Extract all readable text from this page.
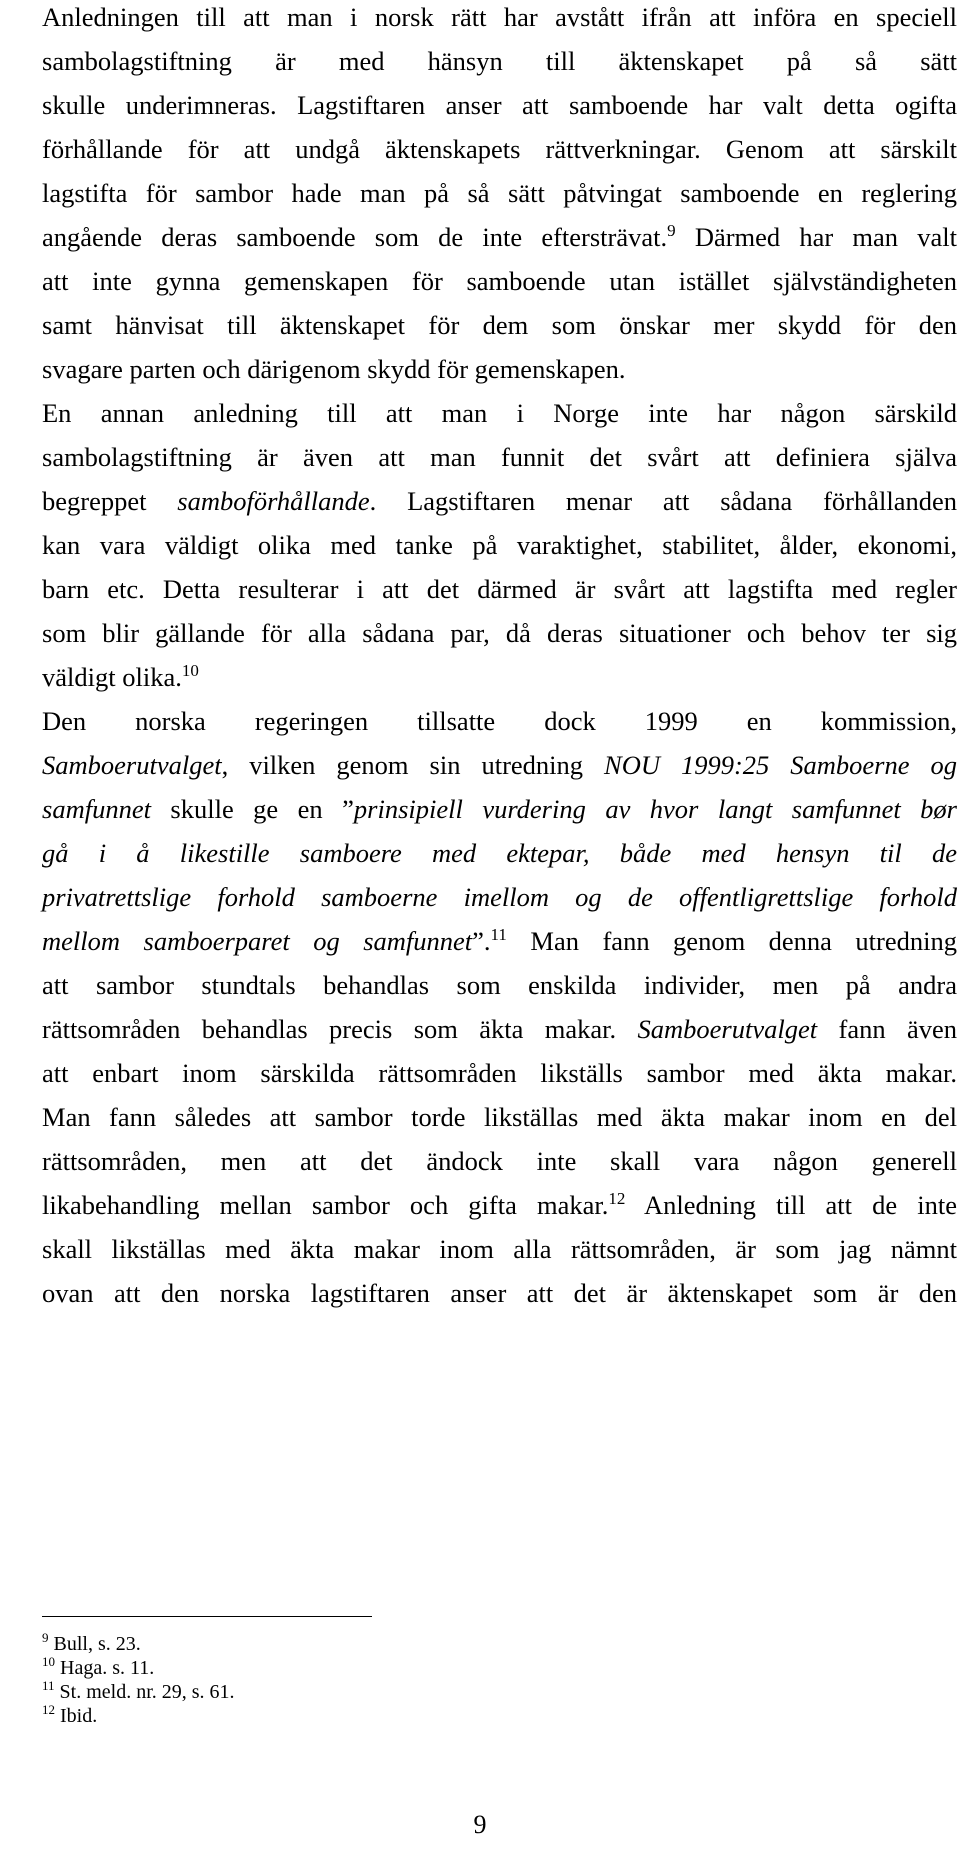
Anledningen till att man i norsk rätt har avstått ifrån att införa en speciell
sambolagstiftning är med hänsyn till äktenskapet på så sätt
skulle underimneras. Lagstiftaren anser att samboende har valt detta ogifta
förhållande för att undgå äktenskapets rättverkningar. Genom att särskilt
lagstifta för sambor hade man på så sätt påtvingat samboende en reglering
angående deras samboende som de inte eftersträvat.$^9$ Därmed har man valt
att inte gynna gemenskapen för samboende utan istället självständigheten
samt hänvisat till äktenskapet för dem som önskar mer skydd för den
svagare parten och därigenom skydd för gemenskapen.
En annan anledning till att man i Norge inte har någon särskild
sambolagstiftning är även att man funnit det svårt att definiera själva
begreppet samboförhållande. Lagstiftaren menar att sådana förhållanden
kan vara väldigt olika med tanke på varaktighet, stabilitet, ålder, ekonomi,
barn etc. Detta resulterar i att det därmed är svårt att lagstifta med regler
som blir gällande för alla sådana par, då deras situationer och behov ter sig
väldigt olika.$^{10}$
Den norska regeringen tillsatte dock 1999 en kommission,
Samboerutvalget, vilken genom sin utredning NOU 1999:25 Samboerne og
samfunnet skulle ge en ”prinsipiell vurdering av hvor langt samfunnet bør
gå i å likestille samboere med ektepar, både med hensyn til de
privatrettslige forhold samboerne imellom og de offentligrettslige forhold
mellom samboerparet og samfunnet”.$^{11}$ Man fann genom denna utredning
att sambor stundtals behandlas som enskilda individer, men på andra
rättsområden behandlas precis som äkta makar. Samboerutvalget fann även
att enbart inom särskilda rättsområden likställs sambor med äkta makar.
Man fann således att sambor torde likställas med äkta makar inom en del
rättsområden, men att det ändock inte skall vara någon generell
likabehandling mellan sambor och gifta makar.$^{12}$ Anledning till att de inte
skall likställas med äkta makar inom alla rättsområden, är som jag nämnt
ovan att den norska lagstiftaren anser att det är äktenskapet som är den
$^9$ Bull, s. 23.
$^{10}$ Haga. s. 11.
$^{11}$ St. meld. nr. 29, s. 61.
$^{12}$ Ibid.
9
